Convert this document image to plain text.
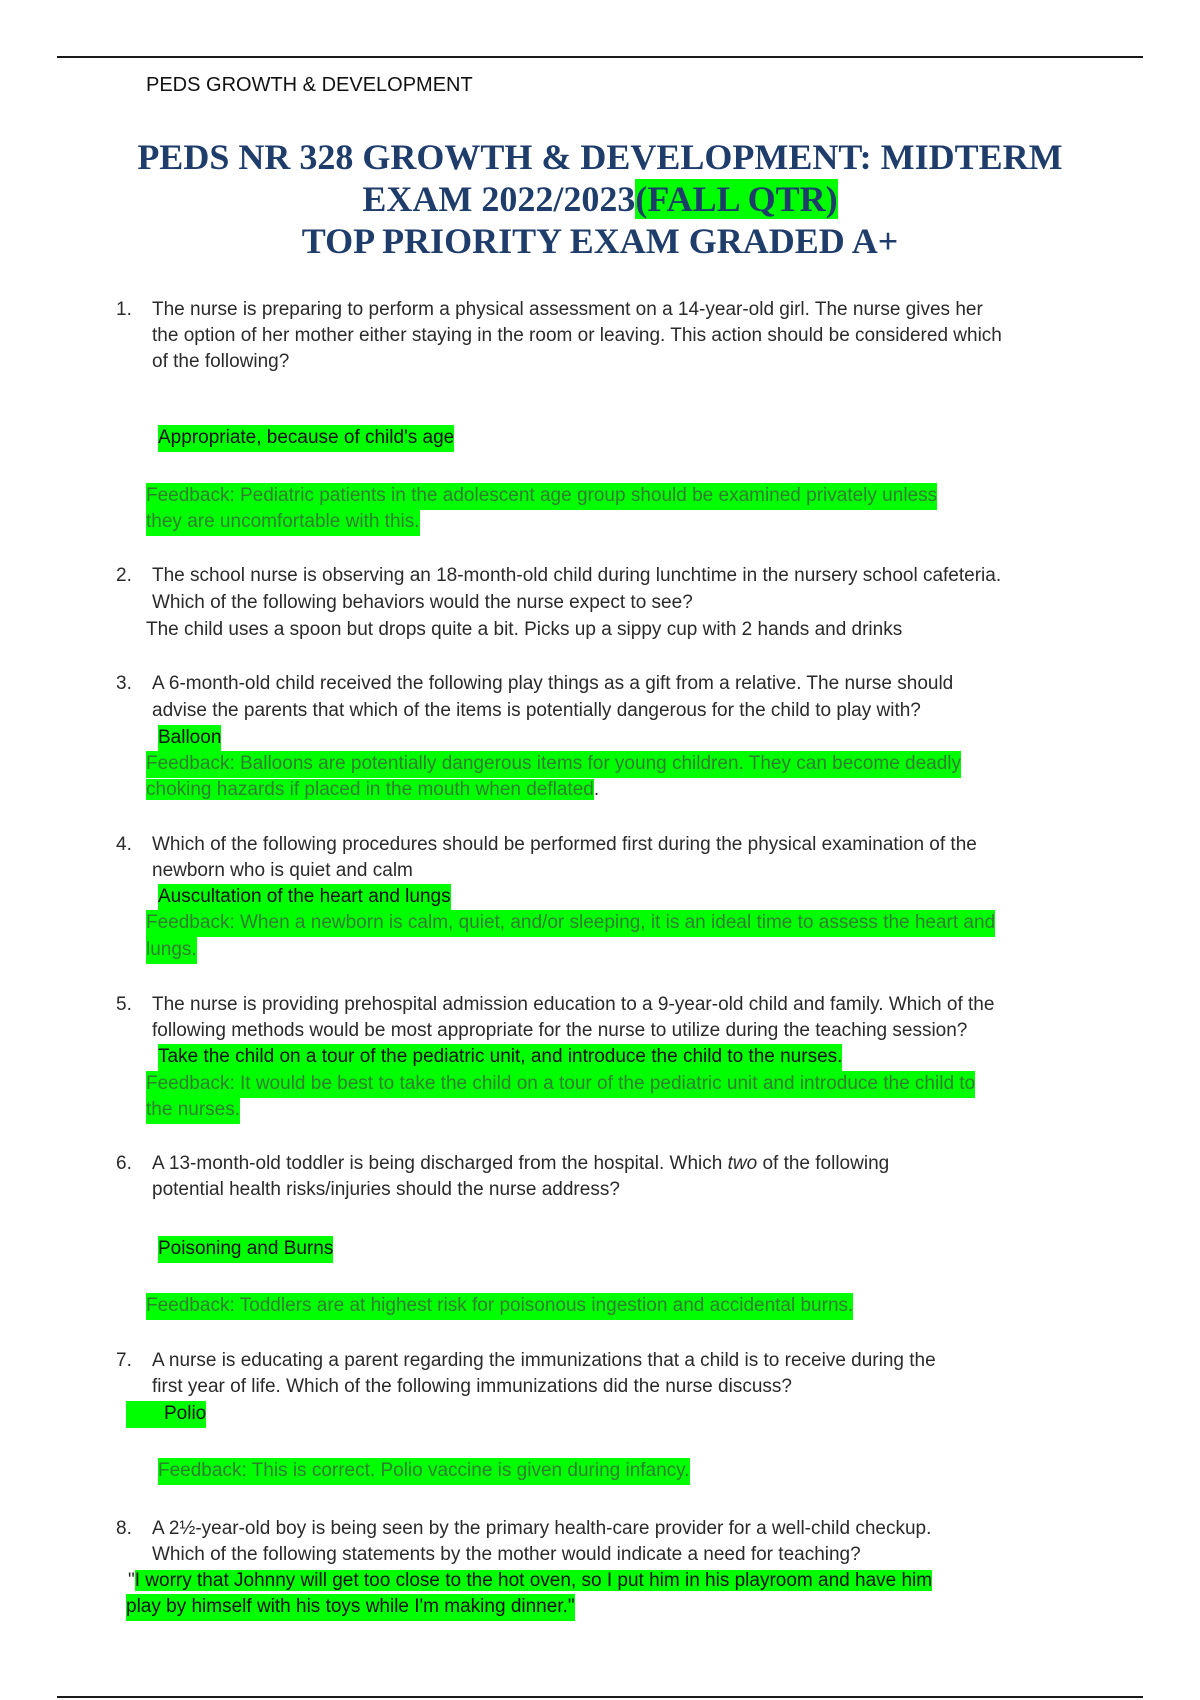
PEDS GROWTH & DEVELOPMENT
PEDS NR 328 GROWTH & DEVELOPMENT: MIDTERM
EXAM 2022/2023(FALL QTR)
TOP PRIORITY EXAM GRADED A+
1. The nurse is preparing to perform a physical assessment on a 14-year-old girl. The nurse gives her
the option of her mother either staying in the room or leaving. This action should be considered which
of the following?
Appropriate, because of child's age
Feedback: Pediatric patients in the adolescent age group should be examined privately unless
they are uncomfortable with this.
2. The school nurse is observing an 18-month-old child during lunchtime in the nursery school cafeteria.
Which of the following behaviors would the nurse expect to see?
The child uses a spoon but drops quite a bit. Picks up a sippy cup with 2 hands and drinks
3. A 6-month-old child received the following play things as a gift from a relative. The nurse should
advise the parents that which of the items is potentially dangerous for the child to play with?
Balloon
Feedback: Balloons are potentially dangerous items for young children. They can become deadly
choking hazards if placed in the mouth when deflated.
4. Which of the following procedures should be performed first during the physical examination of the
newborn who is quiet and calm
Auscultation of the heart and lungs
Feedback: When a newborn is calm, quiet, and/or sleeping, it is an ideal time to assess the heart and
lungs.
5. The nurse is providing prehospital admission education to a 9-year-old child and family. Which of the
following methods would be most appropriate for the nurse to utilize during the teaching session?
Take the child on a tour of the pediatric unit, and introduce the child to the nurses.
Feedback: It would be best to take the child on a tour of the pediatric unit and introduce the child to
the nurses.
6. A 13-month-old toddler is being discharged from the hospital. Which two of the following
potential health risks/injuries should the nurse address?
Poisoning and Burns
Feedback: Toddlers are at highest risk for poisonous ingestion and accidental burns.
7. A nurse is educating a parent regarding the immunizations that a child is to receive during the
first year of life. Which of the following immunizations did the nurse discuss?
Polio
Feedback: This is correct. Polio vaccine is given during infancy.
8. A 2½-year-old boy is being seen by the primary health-care provider for a well-child checkup.
Which of the following statements by the mother would indicate a need for teaching?
"I worry that Johnny will get too close to the hot oven, so I put him in his playroom and have him
play by himself with his toys while I'm making dinner."
